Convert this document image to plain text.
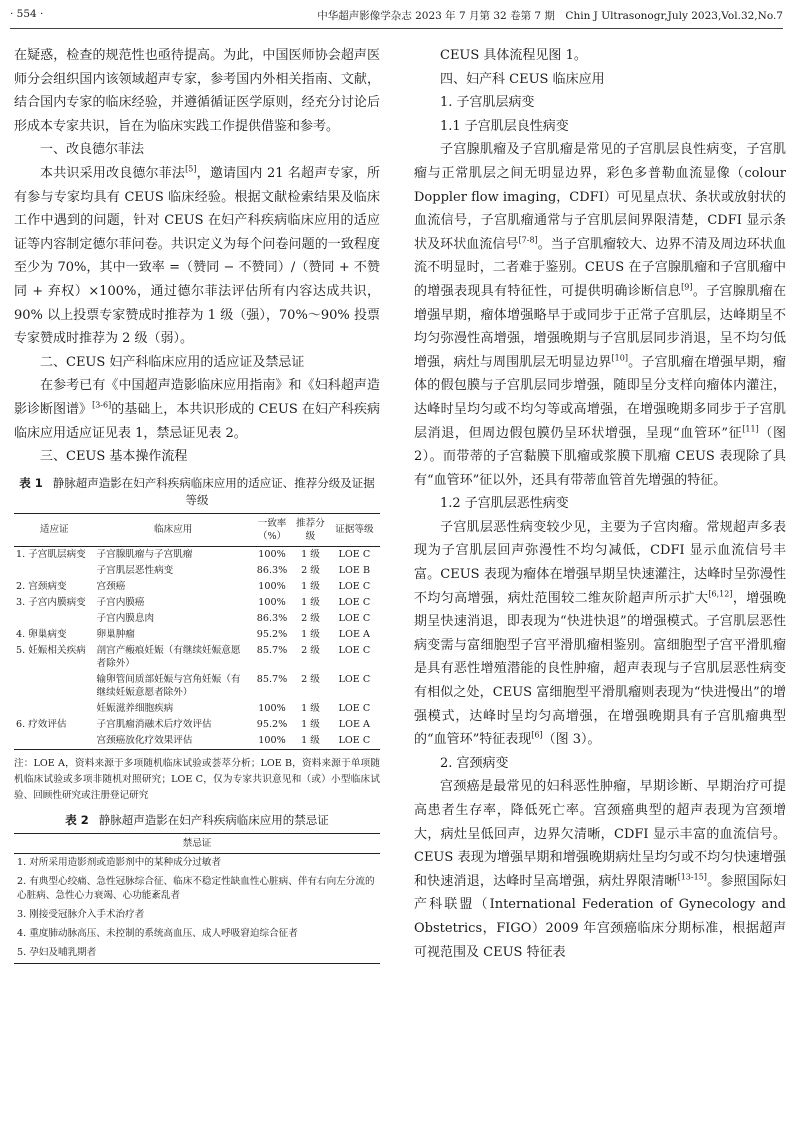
· 554 ·	中华超声影像学杂志 2023 年 7 月第 32 卷第 7 期　Chin J Ultrasonogr,July 2023,Vol.32,No.7

在疑惑，检查的规范性也亟待提高。为此，中国医师协会超声医师分会组织国内该领域超声专家，参考国内外相关指南、文献，结合国内专家的临床经验，并遵循循证医学原则，经充分讨论后形成本专家共识，旨在为临床实践工作提供借鉴和参考。

一、改良德尔菲法

本共识采用改良德尔菲法[5]，邀请国内 21 名超声专家，所有参与专家均具有 CEUS 临床经验。根据文献检索结果及临床工作中遇到的问题，针对 CEUS 在妇产科疾病临床应用的适应证等内容制定德尔菲问卷。共识定义为每个问卷问题的一致程度至少为 70%，其中一致率 =（赞同 − 不赞同）/（赞同 + 不赞同 + 弃权）×100%，通过德尔菲法评估所有内容达成共识，90% 以上投票专家赞成时推荐为 1 级（强），70%～90% 投票专家赞成时推荐为 2 级（弱）。

二、CEUS 妇产科临床应用的适应证及禁忌证

在参考已有《中国超声造影临床应用指南》和《妇科超声造影诊断图谱》[3-6]的基础上，本共识形成的 CEUS 在妇产科疾病临床应用适应证见表 1，禁忌证见表 2。

三、CEUS 基本操作流程

表 1 静脉超声造影在妇产科疾病临床应用的适应证、推荐分级及证据等级
适应证	临床应用	一致率（%）	推荐分级	证据等级
1. 子宫肌层病变	子宫腺肌瘤与子宫肌瘤	100%	1 级	LOE C
	子宫肌层恶性病变	86.3%	2 级	LOE B
2. 宫颈病变	宫颈癌	100%	1 级	LOE C
3. 子宫内膜病变	子宫内膜癌	100%	1 级	LOE C
	子宫内膜息肉	86.3%	2 级	LOE C
4. 卵巢病变	卵巢肿瘤	95.2%	1 级	LOE A
5. 妊娠相关疾病	剖宫产瘢痕妊娠（有继续妊娠意愿者除外）	85.7%	2 级	LOE C
	输卵管间质部妊娠与宫角妊娠（有继续妊娠意愿者除外）	85.7%	2 级	LOE C
	妊娠滋养细胞疾病	100%	1 级	LOE C
6. 疗效评估	子宫肌瘤消融术后疗效评估	95.2%	1 级	LOE A
	宫颈癌放化疗效果评估	100%	1 级	LOE C
注：LOE A，资料来源于多项随机临床试验或荟萃分析；LOE B，资料来源于单项随机临床试验或多项非随机对照研究；LOE C，仅为专家共识意见和（或）小型临床试验、回顾性研究或注册登记研究
表 2 静脉超声造影在妇产科疾病临床应用的禁忌证
禁忌证
1. 对所采用造影剂或造影剂中的某种成分过敏者
2. 有典型心绞痛、急性冠脉综合征、临床不稳定性缺血性心脏病、伴有右向左分流的心脏病、急性心力衰竭、心功能紊乱者
3. 刚接受冠脉介入手术治疗者
4. 重度肺动脉高压、未控制的系统高血压、成人呼吸窘迫综合征者
5. 孕妇及哺乳期者

CEUS 具体流程见图 1。

四、妇产科 CEUS 临床应用

1. 子宫肌层病变

1.1 子宫肌层良性病变

子宫腺肌瘤及子宫肌瘤是常见的子宫肌层良性病变，子宫肌瘤与正常肌层之间无明显边界，彩色多普勒血流显像（colour Doppler flow imaging，CDFI）可见星点状、条状或放射状的血流信号，子宫肌瘤通常与子宫肌层间界限清楚，CDFI 显示条状及环状血流信号[7-8]。当子宫肌瘤较大、边界不清及周边环状血流不明显时，二者难于鉴别。CEUS 在子宫腺肌瘤和子宫肌瘤中的增强表现具有特征性，可提供明确诊断信息[9]。子宫腺肌瘤在增强早期，瘤体增强略早于或同步于正常子宫肌层，达峰期呈不均匀弥漫性高增强，增强晚期与子宫肌层同步消退，呈不均匀低增强，病灶与周围肌层无明显边界[10]。子宫肌瘤在增强早期，瘤体的假包膜与子宫肌层同步增强，随即呈分支样向瘤体内灌注，达峰时呈均匀或不均匀等或高增强，在增强晚期多同步于子宫肌层消退，但周边假包膜仍呈环状增强，呈现“血管环”征[11]（图 2）。而带蒂的子宫黏膜下肌瘤或浆膜下肌瘤 CEUS 表现除了具有“血管环”征以外，还具有带蒂血管首先增强的特征。

1.2 子宫肌层恶性病变

子宫肌层恶性病变较少见，主要为子宫肉瘤。常规超声多表现为子宫肌层回声弥漫性不均匀减低，CDFI 显示血流信号丰富。CEUS 表现为瘤体在增强早期呈快速灌注，达峰时呈弥漫性不均匀高增强，病灶范围较二维灰阶超声所示扩大[6,12]，增强晚期呈快速消退，即表现为“快进快退”的增强模式。子宫肌层恶性病变需与富细胞型子宫平滑肌瘤相鉴别。富细胞型子宫平滑肌瘤是具有恶性增殖潜能的良性肿瘤，超声表现与子宫肌层恶性病变有相似之处，CEUS 富细胞型平滑肌瘤则表现为“快进慢出”的增强模式，达峰时呈均匀高增强，在增强晚期具有子宫肌瘤典型的“血管环”特征表现[6]（图 3）。

2. 宫颈病变

宫颈癌是最常见的妇科恶性肿瘤，早期诊断、早期治疗可提高患者生存率，降低死亡率。宫颈癌典型的超声表现为宫颈增大，病灶呈低回声，边界欠清晰，CDFI 显示丰富的血流信号。CEUS 表现为增强早期和增强晚期病灶呈均匀或不均匀快速增强和快速消退，达峰时呈高增强，病灶界限清晰[13-15]。参照国际妇产科联盟（International Federation of Gynecology and Obstetrics，FIGO）2009 年宫颈癌临床分期标准，根据超声可视范围及 CEUS 特征表
